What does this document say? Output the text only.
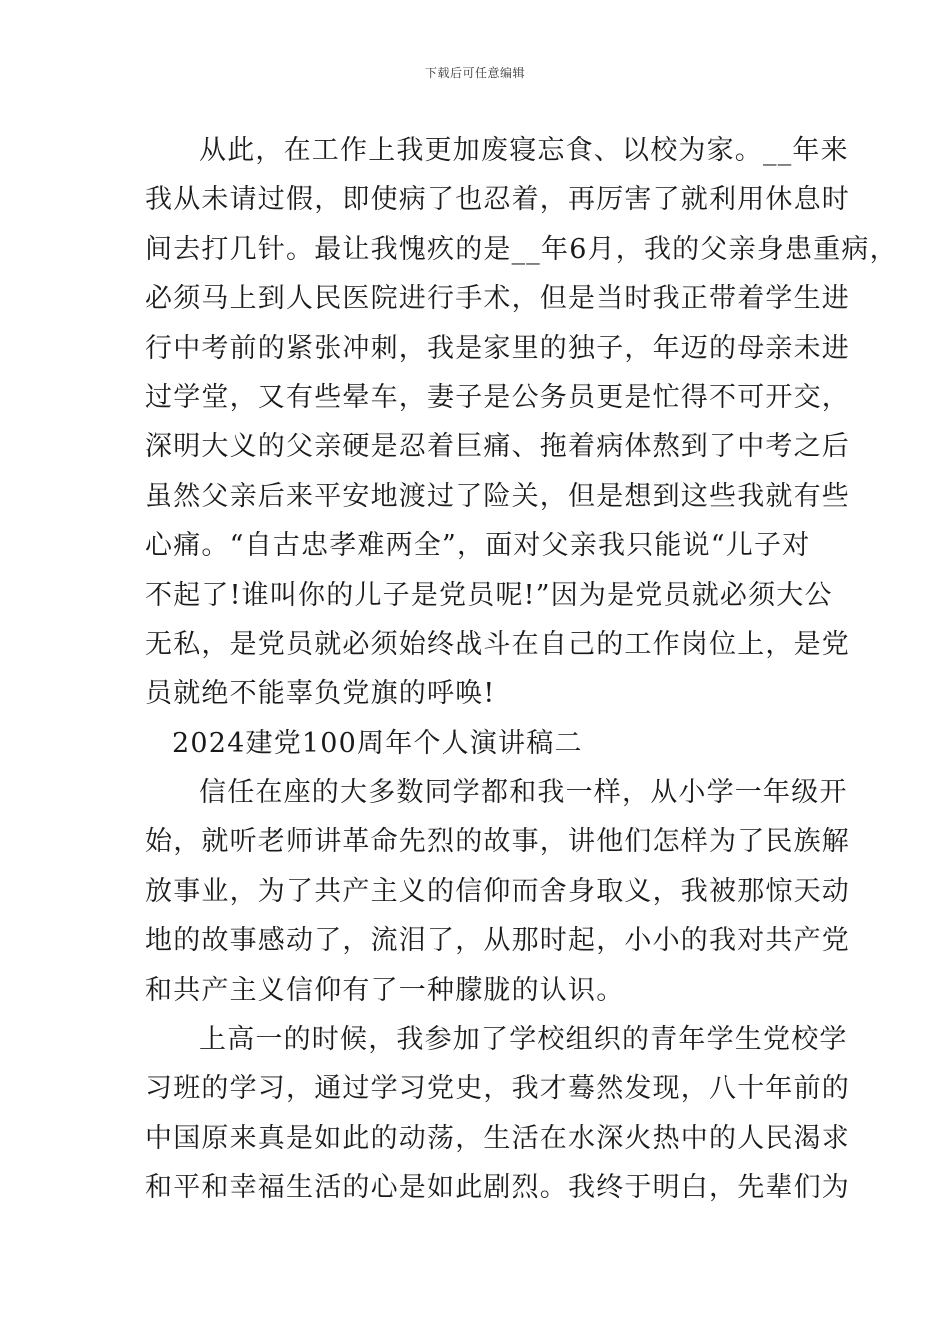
下载后可任意编辑
从此，在工作上我更加废寝忘食、以校为家。__年来
我从未请过假，即使病了也忍着，再厉害了就利用休息时
间去打几针。最让我愧疚的是__年6月，我的父亲身患重病，
必须马上到人民医院进行手术，但是当时我正带着学生进
行中考前的紧张冲刺，我是家里的独子，年迈的母亲未进
过学堂，又有些晕车，妻子是公务员更是忙得不可开交，
深明大义的父亲硬是忍着巨痛、拖着病体熬到了中考之后
虽然父亲后来平安地渡过了险关，但是想到这些我就有些
心痛。“自古忠孝难两全”，面对父亲我只能说“儿子对
不起了!谁叫你的儿子是党员呢!”因为是党员就必须大公
无私，是党员就必须始终战斗在自己的工作岗位上，是党
员就绝不能辜负党旗的呼唤!
2024建党100周年个人演讲稿二
信任在座的大多数同学都和我一样，从小学一年级开
始，就听老师讲革命先烈的故事，讲他们怎样为了民族解
放事业，为了共产主义的信仰而舍身取义，我被那惊天动
地的故事感动了，流泪了，从那时起，小小的我对共产党
和共产主义信仰有了一种朦胧的认识。
上高一的时候，我参加了学校组织的青年学生党校学
习班的学习，通过学习党史，我才蓦然发现，八十年前的
中国原来真是如此的动荡，生活在水深火热中的人民渴求
和平和幸福生活的心是如此剧烈。我终于明白，先辈们为
